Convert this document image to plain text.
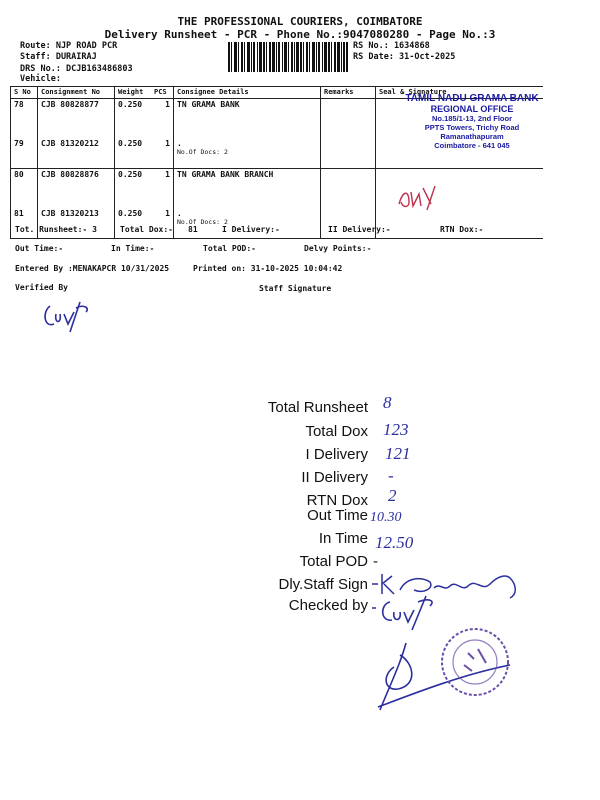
THE PROFESSIONAL COURIERS, COIMBATORE
Delivery Runsheet - PCR - Phone No.:9047080280 - Page No.:3
Route: NJP ROAD PCR
Staff: DURAIRAJ
DRS No.: DCJB163486803
Vehicle:
RS No.: 1634868
RS Date: 31-Oct-2025
S No	Consignment No	Weight	PCS	Consignee Details	Remarks	Seal & Signature
78	CJB 80828877	0.250	1	TN GRAMA BANK		
79	CJB 81320212	0.250	1	.
No.Of Docs: 2		

80	CJB 80828876	0.250	1	TN GRAMA BANK BRANCH		
81	CJB 81320213	0.250	1	.
No.Of Docs: 2		

TAMIL NADU GRAMA BANK
REGIONAL OFFICE
No.185/1-13, 2nd Floor
PPTS Towers, Trichy Road
Ramanathapuram
Coimbatore - 641 045
Tot. Runsheet:- 3	Total Dox:- 81	I Delivery:-	II Delivery:-	RTN Dox:-
Out Time:-	In Time:-	Total POD:-	Delvy Points:-
Entered By :MENAKAPCR 10/31/2025	Printed on: 31-10-2025 10:04:42
Verified By	Staff Signature
Total Runsheet 8
Total Dox 123
I Delivery 121
II Delivery -
RTN Dox 2
Out Time 10.30
In Time 12.50
Total POD -
Dly.Staff Sign
Checked by
